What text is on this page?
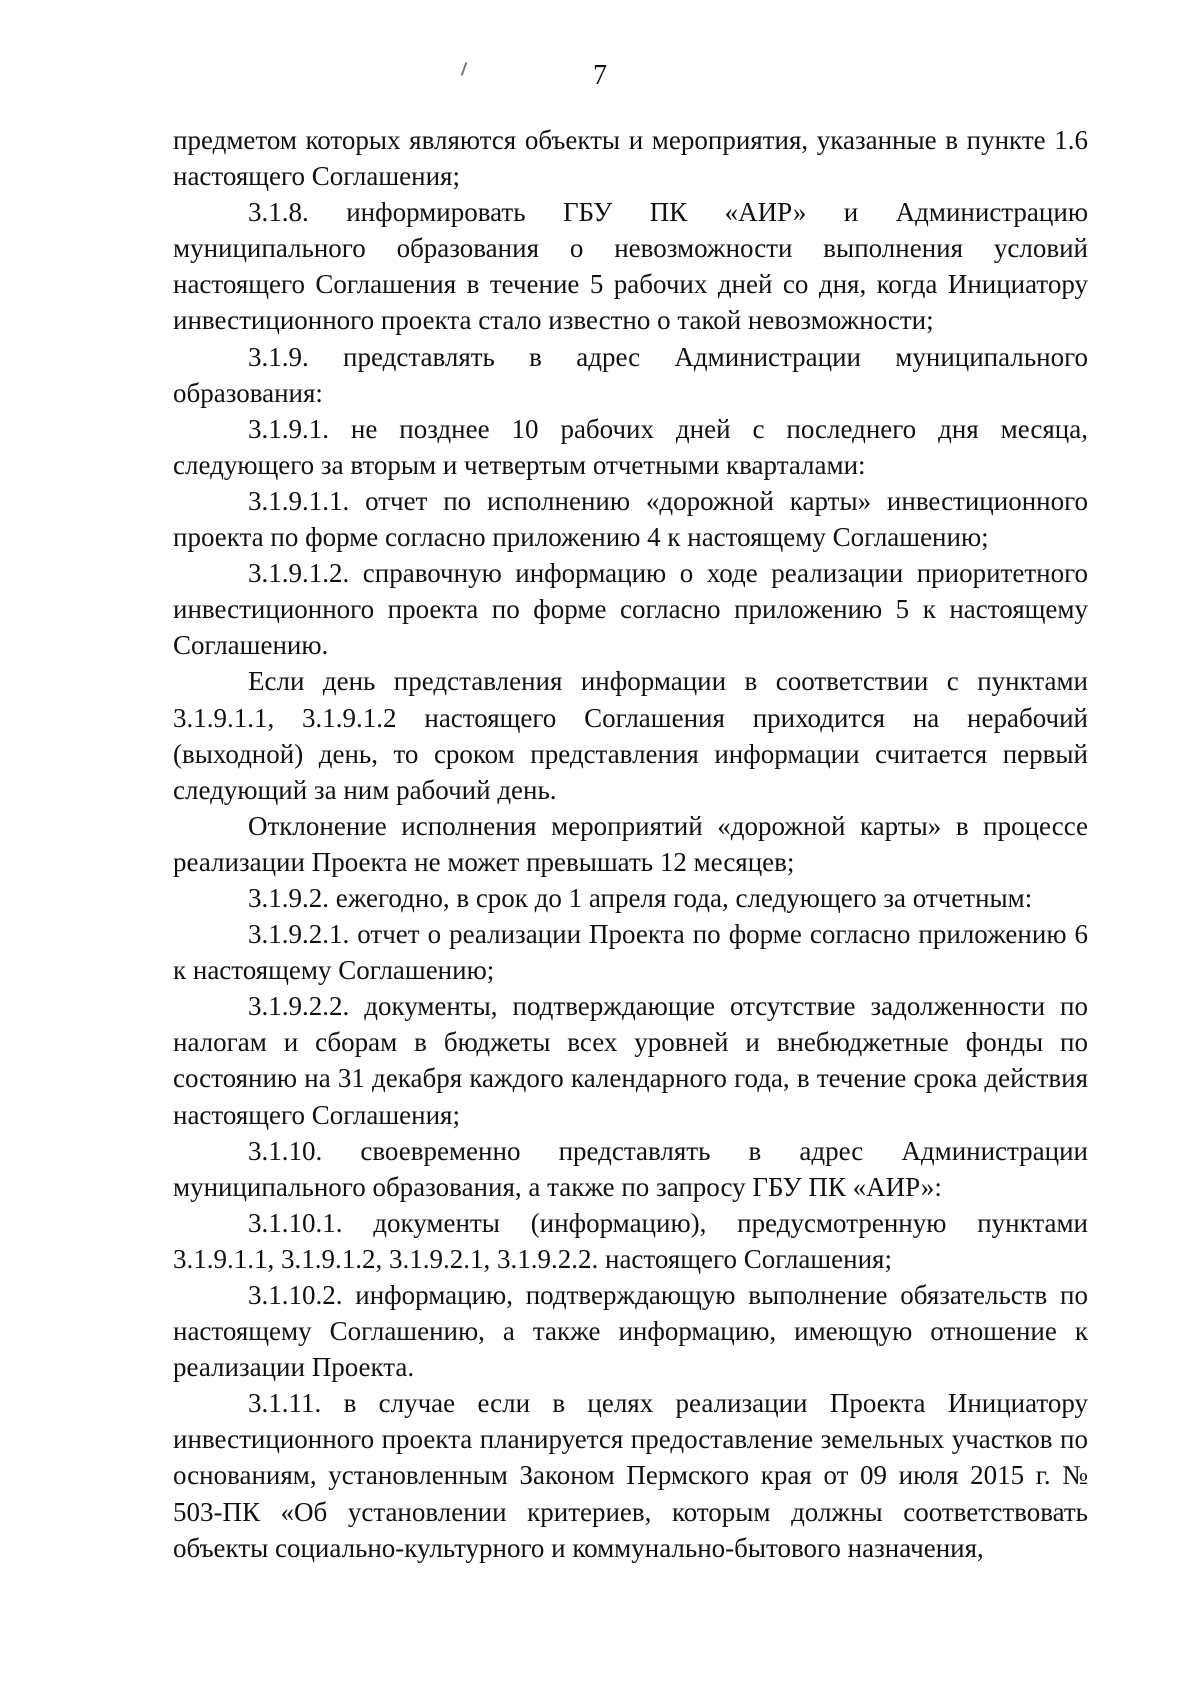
7

предметом которых являются объекты и мероприятия, указанные в пункте 1.6 настоящего Соглашения;

3.1.8. информировать ГБУ ПК «АИР» и Администрацию муниципального образования о невозможности выполнения условий настоящего Соглашения в течение 5 рабочих дней со дня, когда Инициатору инвестиционного проекта стало известно о такой невозможности;

3.1.9. представлять в адрес Администрации муниципального образования:

3.1.9.1. не позднее 10 рабочих дней с последнего дня месяца, следующего за вторым и четвертым отчетными кварталами:

3.1.9.1.1. отчет по исполнению «дорожной карты» инвестиционного проекта по форме согласно приложению 4 к настоящему Соглашению;

3.1.9.1.2. справочную информацию о ходе реализации приоритетного инвестиционного проекта по форме согласно приложению 5 к настоящему Соглашению.

Если день представления информации в соответствии с пунктами 3.1.9.1.1, 3.1.9.1.2 настоящего Соглашения приходится на нерабочий (выходной) день, то сроком представления информации считается первый следующий за ним рабочий день.

Отклонение исполнения мероприятий «дорожной карты» в процессе реализации Проекта не может превышать 12 месяцев;

3.1.9.2. ежегодно, в срок до 1 апреля года, следующего за отчетным:

3.1.9.2.1. отчет о реализации Проекта по форме согласно приложению 6 к настоящему Соглашению;

3.1.9.2.2. документы, подтверждающие отсутствие задолженности по налогам и сборам в бюджеты всех уровней и внебюджетные фонды по состоянию на 31 декабря каждого календарного года, в течение срока действия настоящего Соглашения;

3.1.10. своевременно представлять в адрес Администрации муниципального образования, а также по запросу ГБУ ПК «АИР»:

3.1.10.1. документы (информацию), предусмотренную пунктами 3.1.9.1.1, 3.1.9.1.2, 3.1.9.2.1, 3.1.9.2.2. настоящего Соглашения;

3.1.10.2. информацию, подтверждающую выполнение обязательств по настоящему Соглашению, а также информацию, имеющую отношение к реализации Проекта.

3.1.11. в случае если в целях реализации Проекта Инициатору инвестиционного проекта планируется предоставление земельных участков по основаниям, установленным Законом Пермского края от 09 июля 2015 г. № 503-ПК «Об установлении критериев, которым должны соответствовать объекты социально-культурного и коммунально-бытового назначения,
